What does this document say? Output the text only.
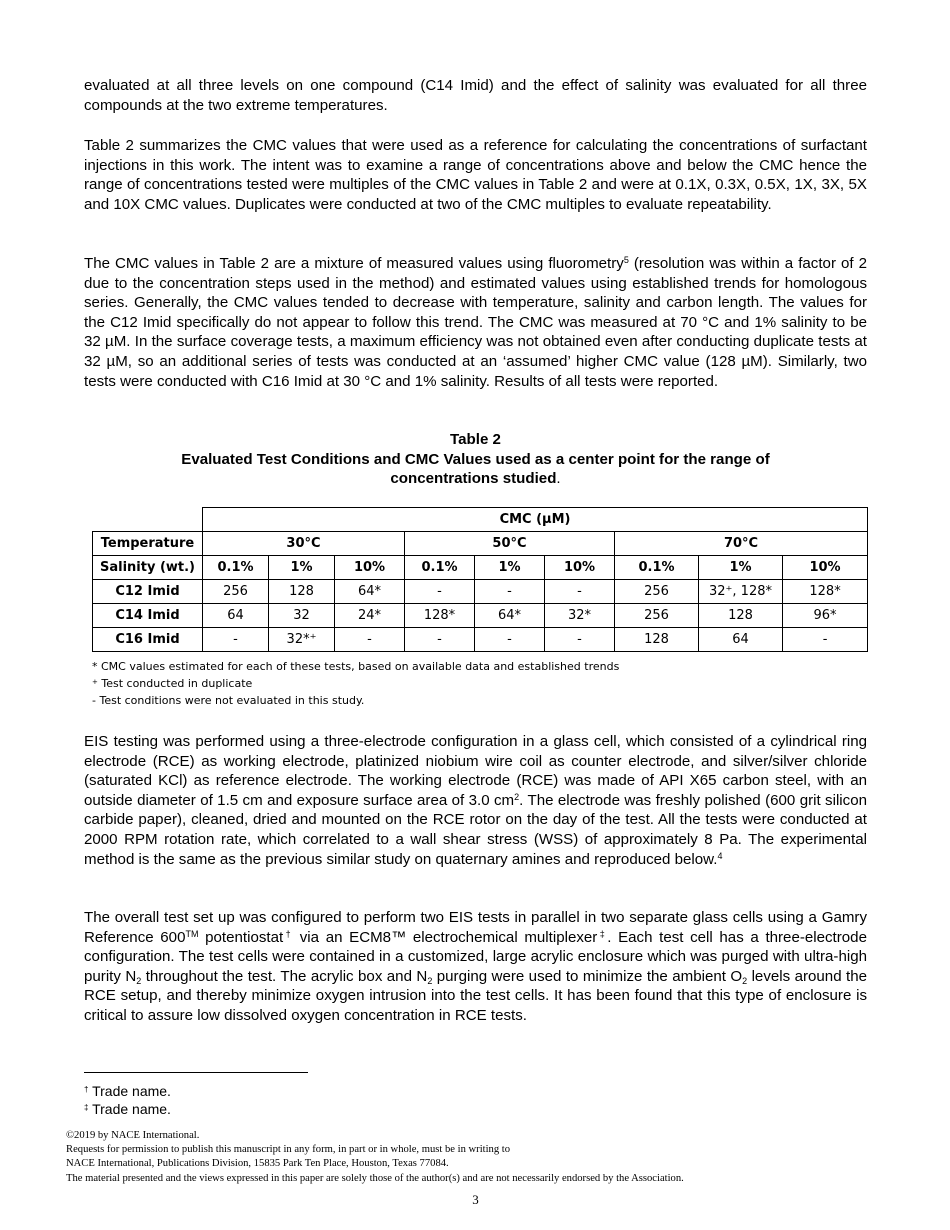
evaluated at all three levels on one compound (C14 Imid) and the effect of salinity was evaluated for all three compounds at the two extreme temperatures.

Table 2 summarizes the CMC values that were used as a reference for calculating the concentrations of surfactant injections in this work. The intent was to examine a range of concentrations above and below the CMC hence the range of concentrations tested were multiples of the CMC values in Table 2 and were at 0.1X, 0.3X, 0.5X, 1X, 3X, 5X and 10X CMC values. Duplicates were conducted at two of the CMC multiples to evaluate repeatability.

The CMC values in Table 2 are a mixture of measured values using fluorometry$^5$ (resolution was within a factor of 2 due to the concentration steps used in the method) and estimated values using established trends for homologous series. Generally, the CMC values tended to decrease with temperature, salinity and carbon length. The values for the C12 Imid specifically do not appear to follow this trend. The CMC was measured at 70 °C and 1% salinity to be 32 µM. In the surface coverage tests, a maximum efficiency was not obtained even after conducting duplicate tests at 32 µM, so an additional series of tests was conducted at an ‘assumed’ higher CMC value (128 µM). Similarly, two tests were conducted with C16 Imid at 30 °C and 1% salinity. Results of all tests were reported.

Table 2
Evaluated Test Conditions and CMC Values used as a center point for the range of
concentrations studied.
	CMC (µM)								
Temperature	30°C			50°C			70°C		
Salinity (wt.)	0.1%	1%	10%	0.1%	1%	10%	0.1%	1%	10%
C12 Imid	256	128	64*	-	-	-	256	32⁺, 128*	128*
C14 Imid	64	32	24*	128*	64*	32*	256	128	96*
C16 Imid	-	32*⁺	-	-	-	-	128	64	-
* CMC values estimated for each of these tests, based on available data and established trends
+ Test conducted in duplicate
- Test conditions were not evaluated in this study.

EIS testing was performed using a three-electrode configuration in a glass cell, which consisted of a cylindrical ring electrode (RCE) as working electrode, platinized niobium wire coil as counter electrode, and silver/silver chloride (saturated KCl) as reference electrode. The working electrode (RCE) was made of API X65 carbon steel, with an outside diameter of 1.5 cm and exposure surface area of 3.0 $cm^2$. The electrode was freshly polished (600 grit silicon carbide paper), cleaned, dried and mounted on the RCE rotor on the day of the test. All the tests were conducted at 2000 RPM rotation rate, which correlated to a wall shear stress (WSS) of approximately 8 Pa. The experimental method is the same as the previous similar study on quaternary amines and reproduced below.$^4$

The overall test set up was configured to perform two EIS tests in parallel in two separate glass cells using a Gamry Reference 600™ potentiostat† via an ECM8™ electrochemical multiplexer‡. Each test cell has a three-electrode configuration. The test cells were contained in a customized, large acrylic enclosure which was purged with ultra-high purity $N_2$ throughout the test. The acrylic box and $N_2$ purging were used to minimize the ambient $O_2$ levels around the RCE setup, and thereby minimize oxygen intrusion into the test cells. It has been found that this type of enclosure is critical to assure low dissolved oxygen concentration in RCE tests.

† Trade name.
‡ Trade name.
©2019 by NACE International.
Requests for permission to publish this manuscript in any form, in part or in whole, must be in writing to
NACE International, Publications Division, 15835 Park Ten Place, Houston, Texas 77084.
The material presented and the views expressed in this paper are solely those of the author(s) and are not necessarily endorsed by the Association.
3
